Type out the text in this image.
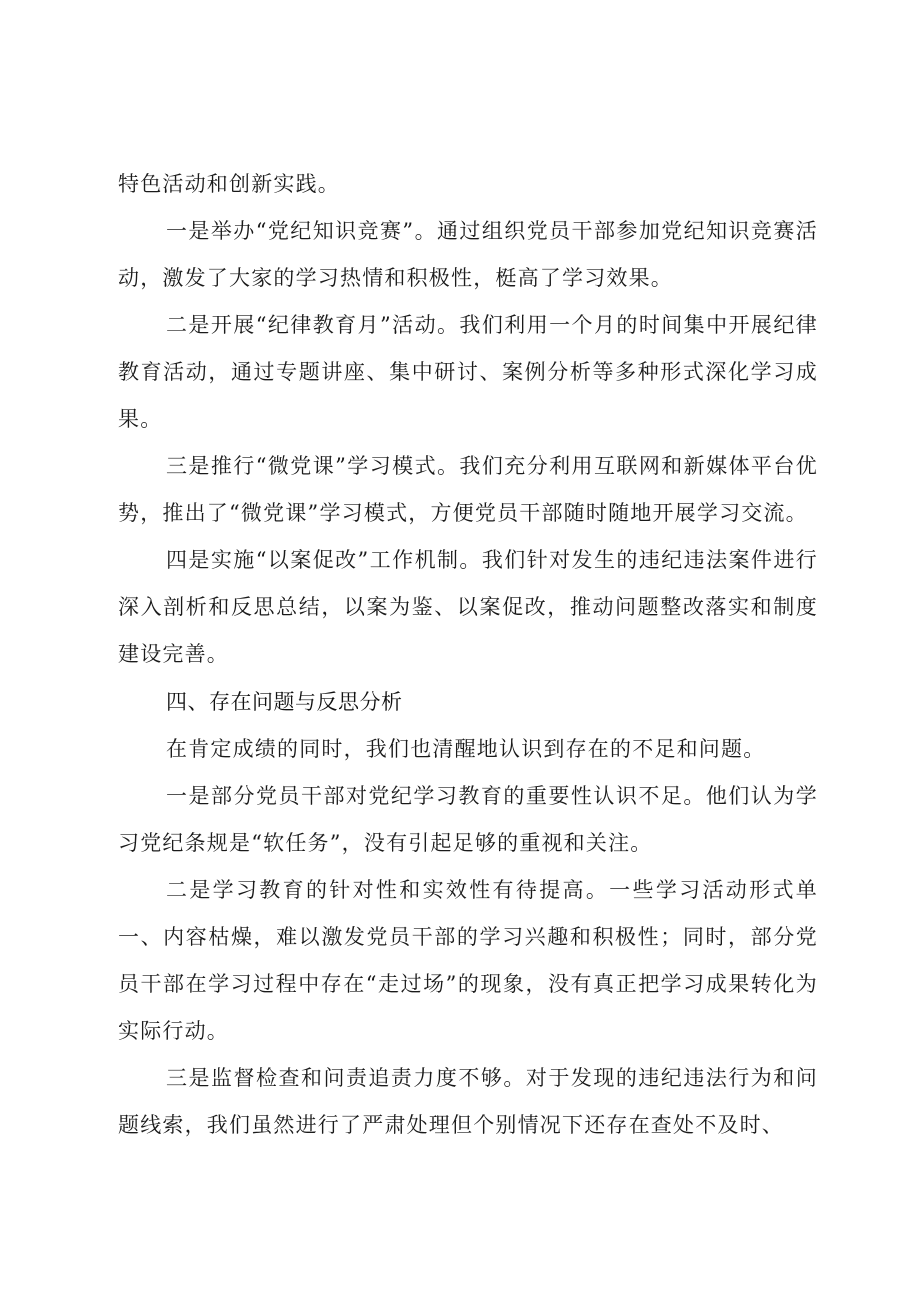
特色活动和创新实践。

一是举办“党纪知识竞赛”。通过组织党员干部参加党纪知识竞赛活动，激发了大家的学习热情和积极性，梃高了学习效果。

二是开展“纪律教育月”活动。我们利用一个月的时间集中开展纪律教育活动，通过专题讲座、集中研讨、案例分析等多种形式深化学习成果。

三是推行“微党课”学习模式。我们充分利用互联网和新媒体平台优势，推出了“微党课”学习模式，方便党员干部随时随地开展学习交流。

四是实施“以案促改”工作机制。我们针对发生的违纪违法案件进行深入剖析和反思总结，以案为鉴、以案促改，推动问题整改落实和制度建设完善。

四、存在问题与反思分析

在肯定成绩的同时，我们也清醒地认识到存在的不足和问题。

一是部分党员干部对党纪学习教育的重要性认识不足。他们认为学习党纪条规是“软任务”，没有引起足够的重视和关注。

二是学习教育的针对性和实效性有待提高。一些学习活动形式单一、内容枯燥，难以激发党员干部的学习兴趣和积极性；同时，部分党员干部在学习过程中存在“走过场”的现象，没有真正把学习成果转化为实际行动。

三是监督检查和问责追责力度不够。对于发现的违纪违法行为和问题线索，我们虽然进行了严肃处理但个别情况下还存在查处不及时、
